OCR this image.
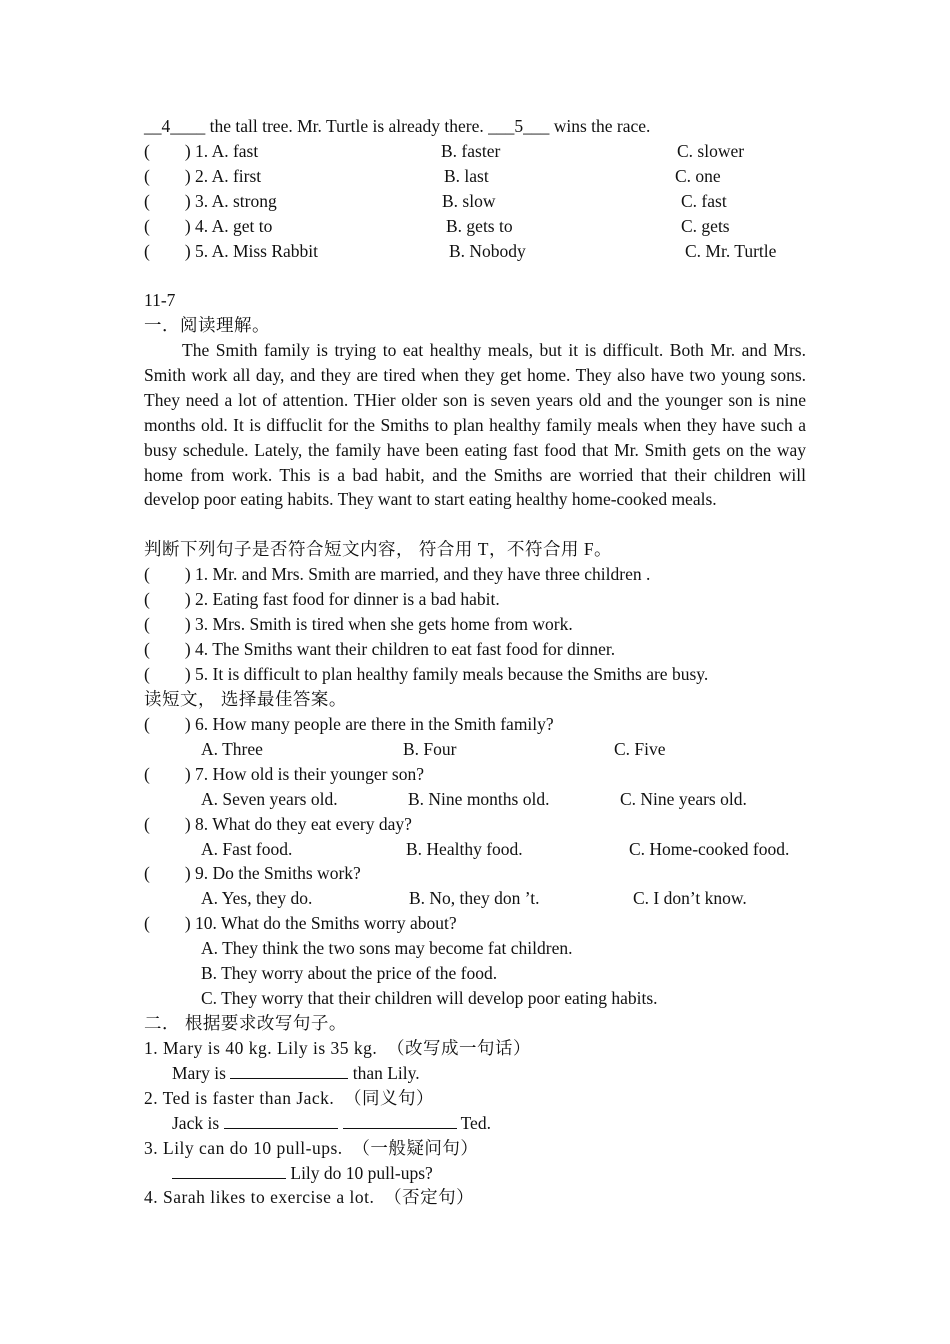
__4____ the tall tree. Mr. Turtle is already there. ___5___ wins the race.
(        ) 1. A. fast	B. faster	C. slower
(        ) 2. A. first	B. last	C. one
(        ) 3. A. strong	B. slow	C. fast
(        ) 4. A. get to	B. gets to	C. gets
(        ) 5. A. Miss Rabbit	B. Nobody	C. Mr. Turtle
11-7
一．阅读理解。
The Smith family is trying to eat healthy meals, but it is difficult. Both Mr. and Mrs. Smith work all day, and they are tired when they get home. They also have two young sons. They need a lot of attention. THier older son is seven years old and the younger son is nine months old. It is diffuclit for the Smiths to plan healthy family meals when they have such a busy schedule. Lately, the family have been eating fast food that Mr. Smith gets on the way home from work. This is a bad habit, and the Smiths are worried that their children will develop poor eating habits. They want to start eating healthy home-cooked meals.
判断下列句子是否符合短文内容， 符合用 T，不符合用 F。
(        ) 1. Mr. and Mrs. Smith are married, and they have three children .
(        ) 2. Eating fast food for dinner is a bad habit.
(        ) 3. Mrs. Smith is tired when she gets home from work.
(        ) 4. The Smiths want their children to eat fast food for dinner.
(        ) 5. It is difficult to plan healthy family meals because the Smiths are busy.
读短文， 选择最佳答案。
(        ) 6. How many people are there in the Smith family?
A. Three	B. Four	C. Five
(        ) 7. How old is their younger son?
A. Seven years old.	B. Nine months old.	C. Nine years old.
(        ) 8. What do they eat every day?
A. Fast food.	B. Healthy food.	C. Home-cooked food.
(        ) 9. Do the Smiths work?
A. Yes, they do.	B. No, they don ’t.	C. I don’t know.
(        ) 10. What do the Smiths worry about?
A. They think the two sons may become fat children.
B. They worry about the price of the food.
C. They worry that their children will develop poor eating habits.
二． 根据要求改写句子。
1. Mary is 40 kg. Lily is 35 kg.  （改写成一句话）
Mary is	than Lily.
2. Ted is faster than Jack.  （同义句）
Jack is	Ted.
3. Lily can do 10 pull-ups.  （一般疑问句）
Lily do 10 pull-ups?
4. Sarah likes to exercise a lot.  （否定句）
